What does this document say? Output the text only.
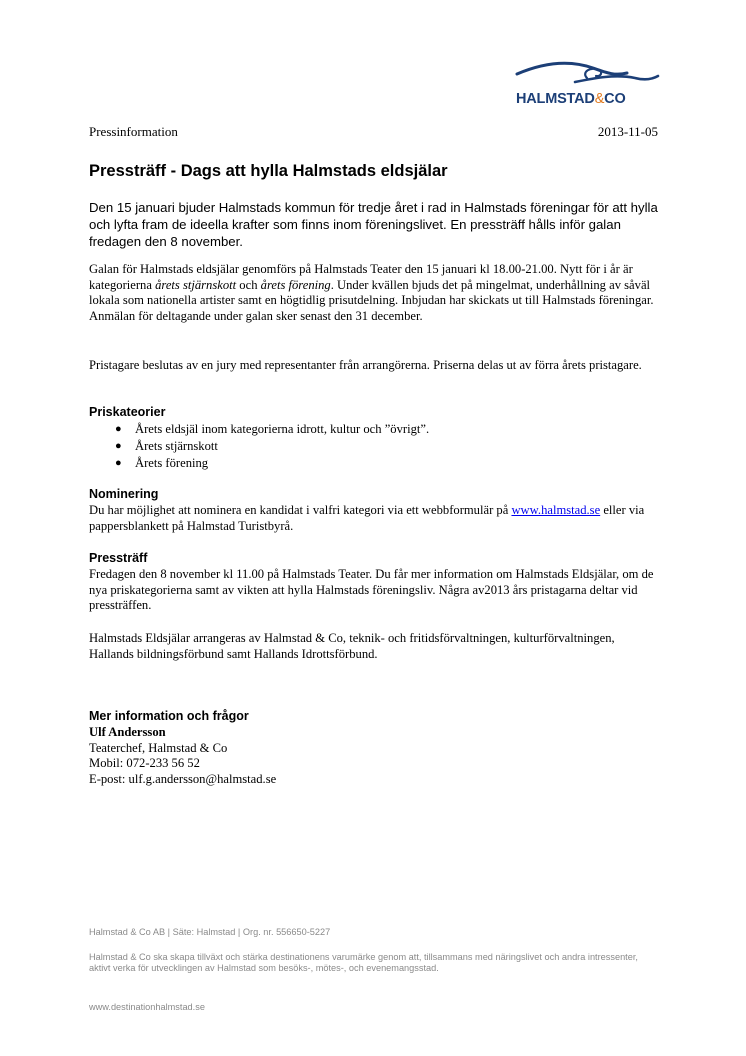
HALMSTAD&CO
Pressinformation	2013-11-05
Pressträff - Dags att hylla Halmstads eldsjälar
Den 15 januari bjuder Halmstads kommun för tredje året i rad in Halmstads föreningar för att hylla och lyfta fram de ideella krafter som finns inom föreningslivet. En pressträff hålls inför galan fredagen den 8 november.
Galan för Halmstads eldsjälar genomförs på Halmstads Teater den 15 januari kl 18.00-21.00. Nytt för i år är kategorierna årets stjärnskott och årets förening. Under kvällen bjuds det på mingelmat, underhållning av såväl lokala som nationella artister samt en högtidlig prisutdelning. Inbjudan har skickats ut till Halmstads föreningar. Anmälan för deltagande under galan sker senast den 31 december.
Pristagare beslutas av en jury med representanter från arrangörerna. Priserna delas ut av förra årets pristagare.
Priskateorier
● Årets eldsjäl inom kategorierna idrott, kultur och ”övrigt”.
● Årets stjärnskott
● Årets förening
Nominering
Du har möjlighet att nominera en kandidat i valfri kategori via ett webbformulär på www.halmstad.se eller via pappersblankett på Halmstad Turistbyrå.
Pressträff
Fredagen den 8 november kl 11.00 på Halmstads Teater. Du får mer information om Halmstads Eldsjälar, om de nya priskategorierna samt av vikten att hylla Halmstads föreningsliv. Några av2013 års pristagarna deltar vid pressträffen.
Halmstads Eldsjälar arrangeras av Halmstad & Co, teknik- och fritidsförvaltningen, kulturförvaltningen, Hallands bildningsförbund samt Hallands Idrottsförbund.
Mer information och frågor
Ulf Andersson
Teaterchef, Halmstad & Co
Mobil: 072-233 56 52
E-post: ulf.g.andersson@halmstad.se
Halmstad & Co AB | Säte: Halmstad | Org. nr. 556650-5227
Halmstad & Co ska skapa tillväxt och stärka destinationens varumärke genom att, tillsammans med näringslivet och andra intressenter, aktivt verka för utvecklingen av Halmstad som besöks-, mötes-, och evenemangsstad.
www.destinationhalmstad.se
